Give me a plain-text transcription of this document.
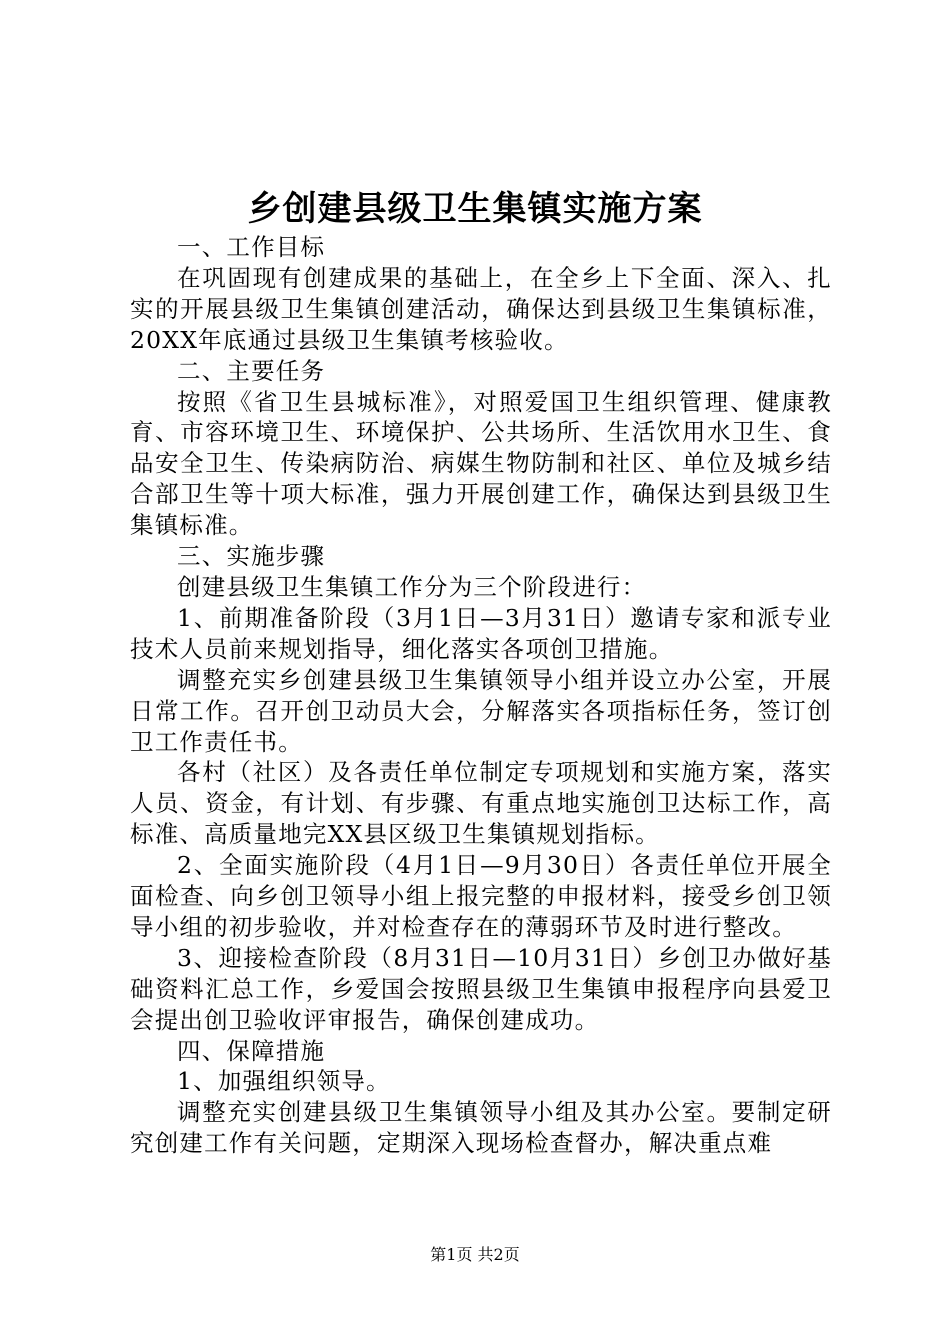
乡创建县级卫生集镇实施方案

一、工作目标

在巩固现有创建成果的基础上，在全乡上下全面、深入、扎实的开展县级卫生集镇创建活动，确保达到县级卫生集镇标准，20XX年底通过县级卫生集镇考核验收。

二、主要任务

按照《省卫生县城标准》，对照爱国卫生组织管理、健康教育、市容环境卫生、环境保护、公共场所、生活饮用水卫生、食品安全卫生、传染病防治、病媒生物防制和社区、单位及城乡结合部卫生等十项大标准，强力开展创建工作，确保达到县级卫生集镇标准。

三、实施步骤

创建县级卫生集镇工作分为三个阶段进行：

1、前期准备阶段（3月1日—3月31日）邀请专家和派专业技术人员前来规划指导，细化落实各项创卫措施。

调整充实乡创建县级卫生集镇领导小组并设立办公室，开展日常工作。召开创卫动员大会，分解落实各项指标任务，签订创卫工作责任书。

各村（社区）及各责任单位制定专项规划和实施方案，落实人员、资金，有计划、有步骤、有重点地实施创卫达标工作，高标准、高质量地完XX县区级卫生集镇规划指标。

2、全面实施阶段（4月1日—9月30日）各责任单位开展全面检查、向乡创卫领导小组上报完整的申报材料，接受乡创卫领导小组的初步验收，并对检查存在的薄弱环节及时进行整改。

3、迎接检查阶段（8月31日—10月31日）乡创卫办做好基础资料汇总工作，乡爱国会按照县级卫生集镇申报程序向县爱卫会提出创卫验收评审报告，确保创建成功。

四、保障措施

1、加强组织领导。

调整充实创建县级卫生集镇领导小组及其办公室。要制定研究创建工作有关问题，定期深入现场检查督办，解决重点难

第1页 共2页
